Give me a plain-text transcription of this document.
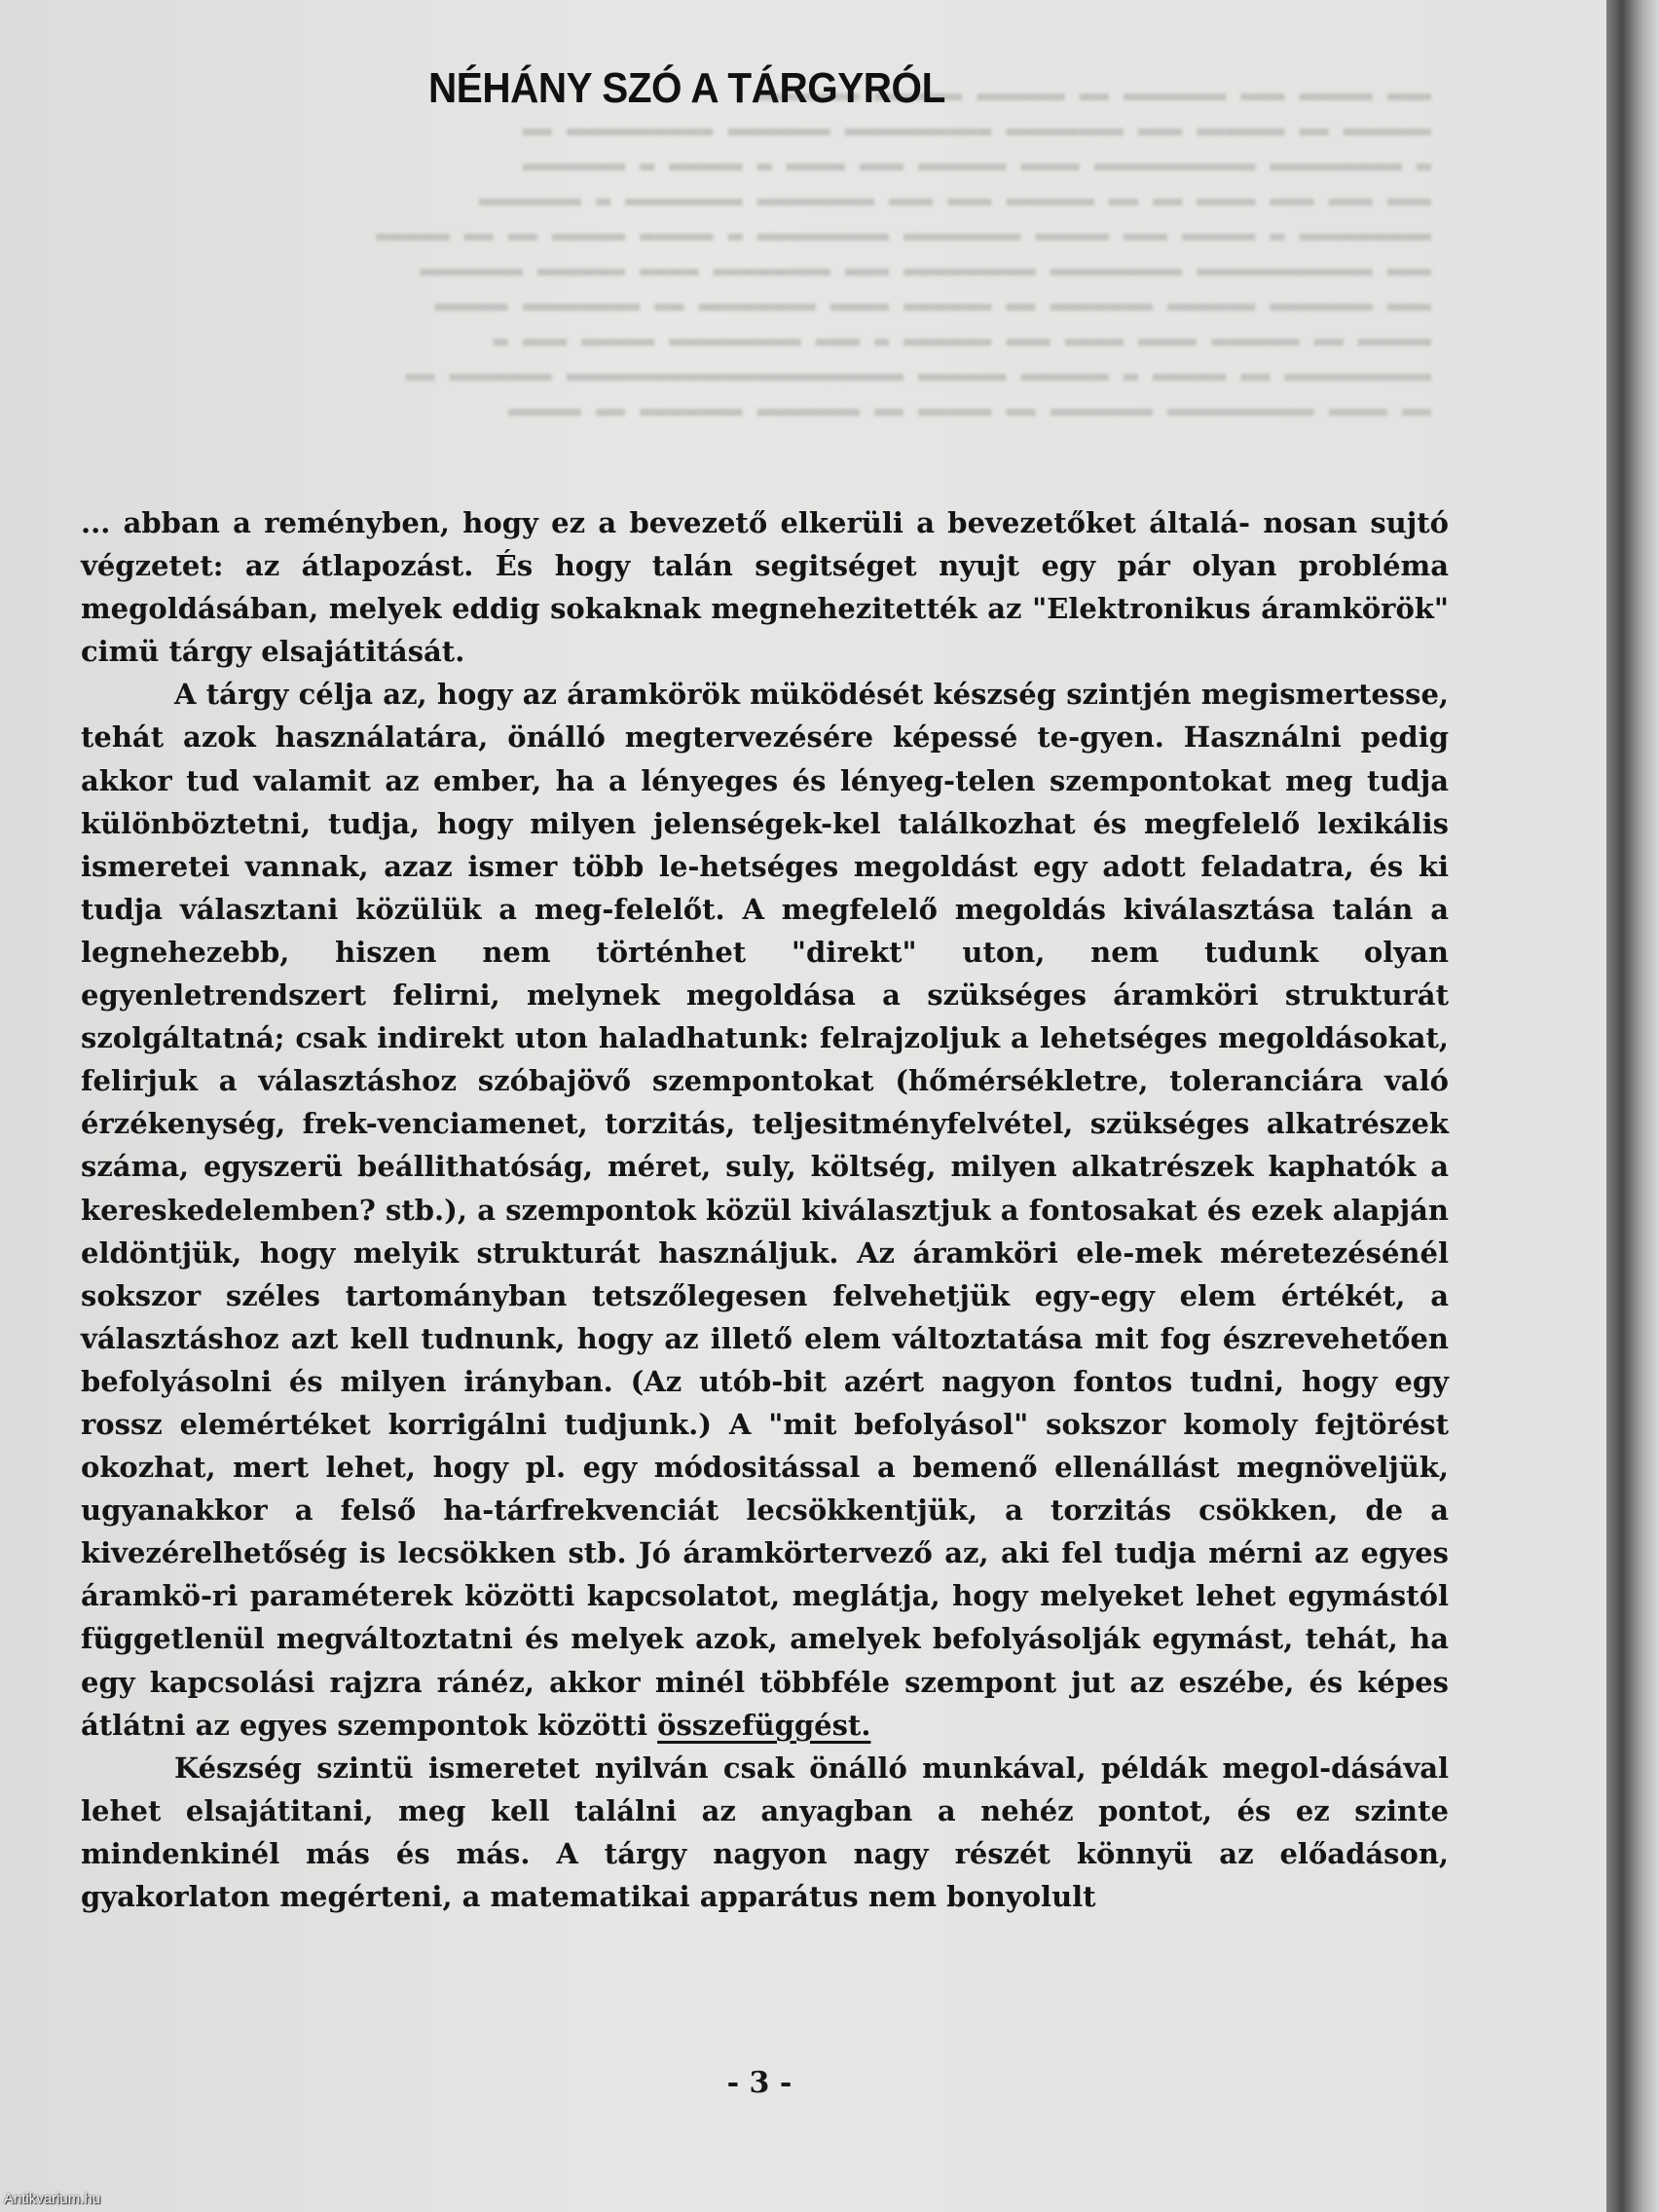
▬▬▬ ▬▬▬▬▬ ▬▬▬ ▬▬▬▬▬▬▬ ▬▬ ▬▬▬▬▬▬ ▬▬▬▬▬▬ ▬▬▬▬▬▬▬
▬▬▬▬▬▬ ▬▬ ▬▬▬▬▬▬ ▬▬▬ ▬▬▬▬▬▬▬▬ ▬▬▬▬▬▬▬▬▬▬ ▬▬▬▬▬▬▬ ▬▬▬▬▬▬▬▬▬▬ ▬▬
▬ ▬▬▬▬▬▬▬▬▬ ▬▬▬▬▬▬▬▬▬▬▬ ▬▬▬▬ ▬▬▬▬▬▬ ▬▬▬ ▬▬▬▬ ▬ ▬▬▬▬▬ ▬ ▬▬▬▬▬▬▬
▬▬▬ ▬▬▬ ▬▬▬ ▬▬▬▬ ▬▬ ▬▬ ▬▬▬▬▬▬ ▬▬▬ ▬▬▬ ▬▬▬▬▬▬▬▬ ▬▬▬▬▬▬▬▬ ▬ ▬▬▬▬▬▬▬
▬▬▬▬▬▬▬▬▬ ▬ ▬▬▬▬▬ ▬▬▬ ▬▬▬▬▬ ▬▬▬▬▬▬▬▬ ▬▬▬▬▬▬▬▬▬ ▬ ▬▬▬▬▬ ▬▬▬▬▬ ▬▬ ▬▬ ▬▬▬▬▬
▬▬▬ ▬▬▬▬▬▬▬▬▬▬▬▬ ▬▬▬▬▬▬▬▬▬ ▬▬▬▬▬▬▬▬▬ ▬▬▬ ▬▬▬▬▬▬▬▬ ▬▬▬▬ ▬▬▬▬▬▬ ▬▬▬▬▬▬▬
▬▬▬ ▬▬▬▬▬▬▬ ▬▬▬▬▬▬ ▬▬▬▬▬▬▬ ▬▬ ▬▬▬▬▬▬ ▬▬▬▬ ▬▬▬▬▬▬▬▬ ▬▬ ▬▬▬▬▬▬▬▬ ▬▬▬▬▬
▬▬▬▬▬ ▬▬ ▬▬▬▬▬▬ ▬▬▬▬ ▬▬▬▬ ▬▬▬ ▬▬▬▬▬▬ ▬ ▬▬▬ ▬▬▬▬▬▬▬▬▬ ▬▬▬▬▬ ▬▬▬ ▬
▬▬▬▬▬▬▬▬▬▬ ▬▬ ▬▬▬▬▬ ▬ ▬▬▬▬▬▬ ▬▬▬▬▬▬ ▬▬▬▬▬▬▬▬▬▬▬▬▬▬▬▬▬▬▬▬▬▬▬ ▬▬▬▬▬▬▬ ▬▬
▬▬ ▬▬▬▬ ▬▬▬▬▬▬▬▬▬▬ ▬▬▬▬▬▬▬ ▬▬ ▬▬▬▬▬ ▬▬ ▬▬▬▬▬▬▬ ▬▬▬▬▬▬▬ ▬▬ ▬▬▬▬▬
NÉHÁNY SZÓ A TÁRGYRÓL

... abban a reményben, hogy ez a bevezető elkerüli a bevezetőket általá- nosan sujtó végzetet: az átlapozást. És hogy talán segitséget nyujt egy pár olyan probléma megoldásában, melyek eddig sokaknak megnehezitették az "Elektronikus áramkörök" cimü tárgy elsajátitását.

A tárgy célja az, hogy az áramkörök müködését készség szintjén megismertesse, tehát azok használatára, önálló megtervezésére képessé te-gyen. Használni pedig akkor tud valamit az ember, ha a lényeges és lényeg-telen szempontokat meg tudja különböztetni, tudja, hogy milyen jelenségek-kel találkozhat és megfelelő lexikális ismeretei vannak, azaz ismer több le-hetséges megoldást egy adott feladatra, és ki tudja választani közülük a meg-felelőt. A megfelelő megoldás kiválasztása talán a legnehezebb, hiszen nem történhet "direkt" uton, nem tudunk olyan egyenletrendszert felirni, melynek megoldása a szükséges áramköri strukturát szolgáltatná; csak indirekt uton haladhatunk: felrajzoljuk a lehetséges megoldásokat, felirjuk a választáshoz szóbajövő szempontokat (hőmérsékletre, toleranciára való érzékenység, frek-venciamenet, torzitás, teljesitményfelvétel, szükséges alkatrészek száma, egyszerü beállithatóság, méret, suly, költség, milyen alkatrészek kaphatók a kereskedelemben? stb.), a szempontok közül kiválasztjuk a fontosakat és ezek alapján eldöntjük, hogy melyik strukturát használjuk. Az áramköri ele-mek méretezésénél sokszor széles tartományban tetszőlegesen felvehetjük egy-egy elem értékét, a választáshoz azt kell tudnunk, hogy az illető elem változtatása mit fog észrevehetően befolyásolni és milyen irányban. (Az utób-bit azért nagyon fontos tudni, hogy egy rossz elemértéket korrigálni tudjunk.) A "mit befolyásol" sokszor komoly fejtörést okozhat, mert lehet, hogy pl. egy módositással a bemenő ellenállást megnöveljük, ugyanakkor a felső ha-tárfrekvenciát lecsökkentjük, a torzitás csökken, de a kivezérelhetőség is lecsökken stb. Jó áramkörtervező az, aki fel tudja mérni az egyes áramkö-ri paraméterek közötti kapcsolatot, meglátja, hogy melyeket lehet egymástól függetlenül megváltoztatni és melyek azok, amelyek befolyásolják egymást, tehát, ha egy kapcsolási rajzra ránéz, akkor minél többféle szempont jut az eszébe, és képes átlátni az egyes szempontok közötti összefüggést.

Készség szintü ismeretet nyilván csak önálló munkával, példák megol-dásával lehet elsajátitani, meg kell találni az anyagban a nehéz pontot, és ez szinte mindenkinél más és más. A tárgy nagyon nagy részét könnyü az előadáson, gyakorlaton megérteni, a matematikai apparátus nem bonyolult

- 3 -
Antikvarium.hu
